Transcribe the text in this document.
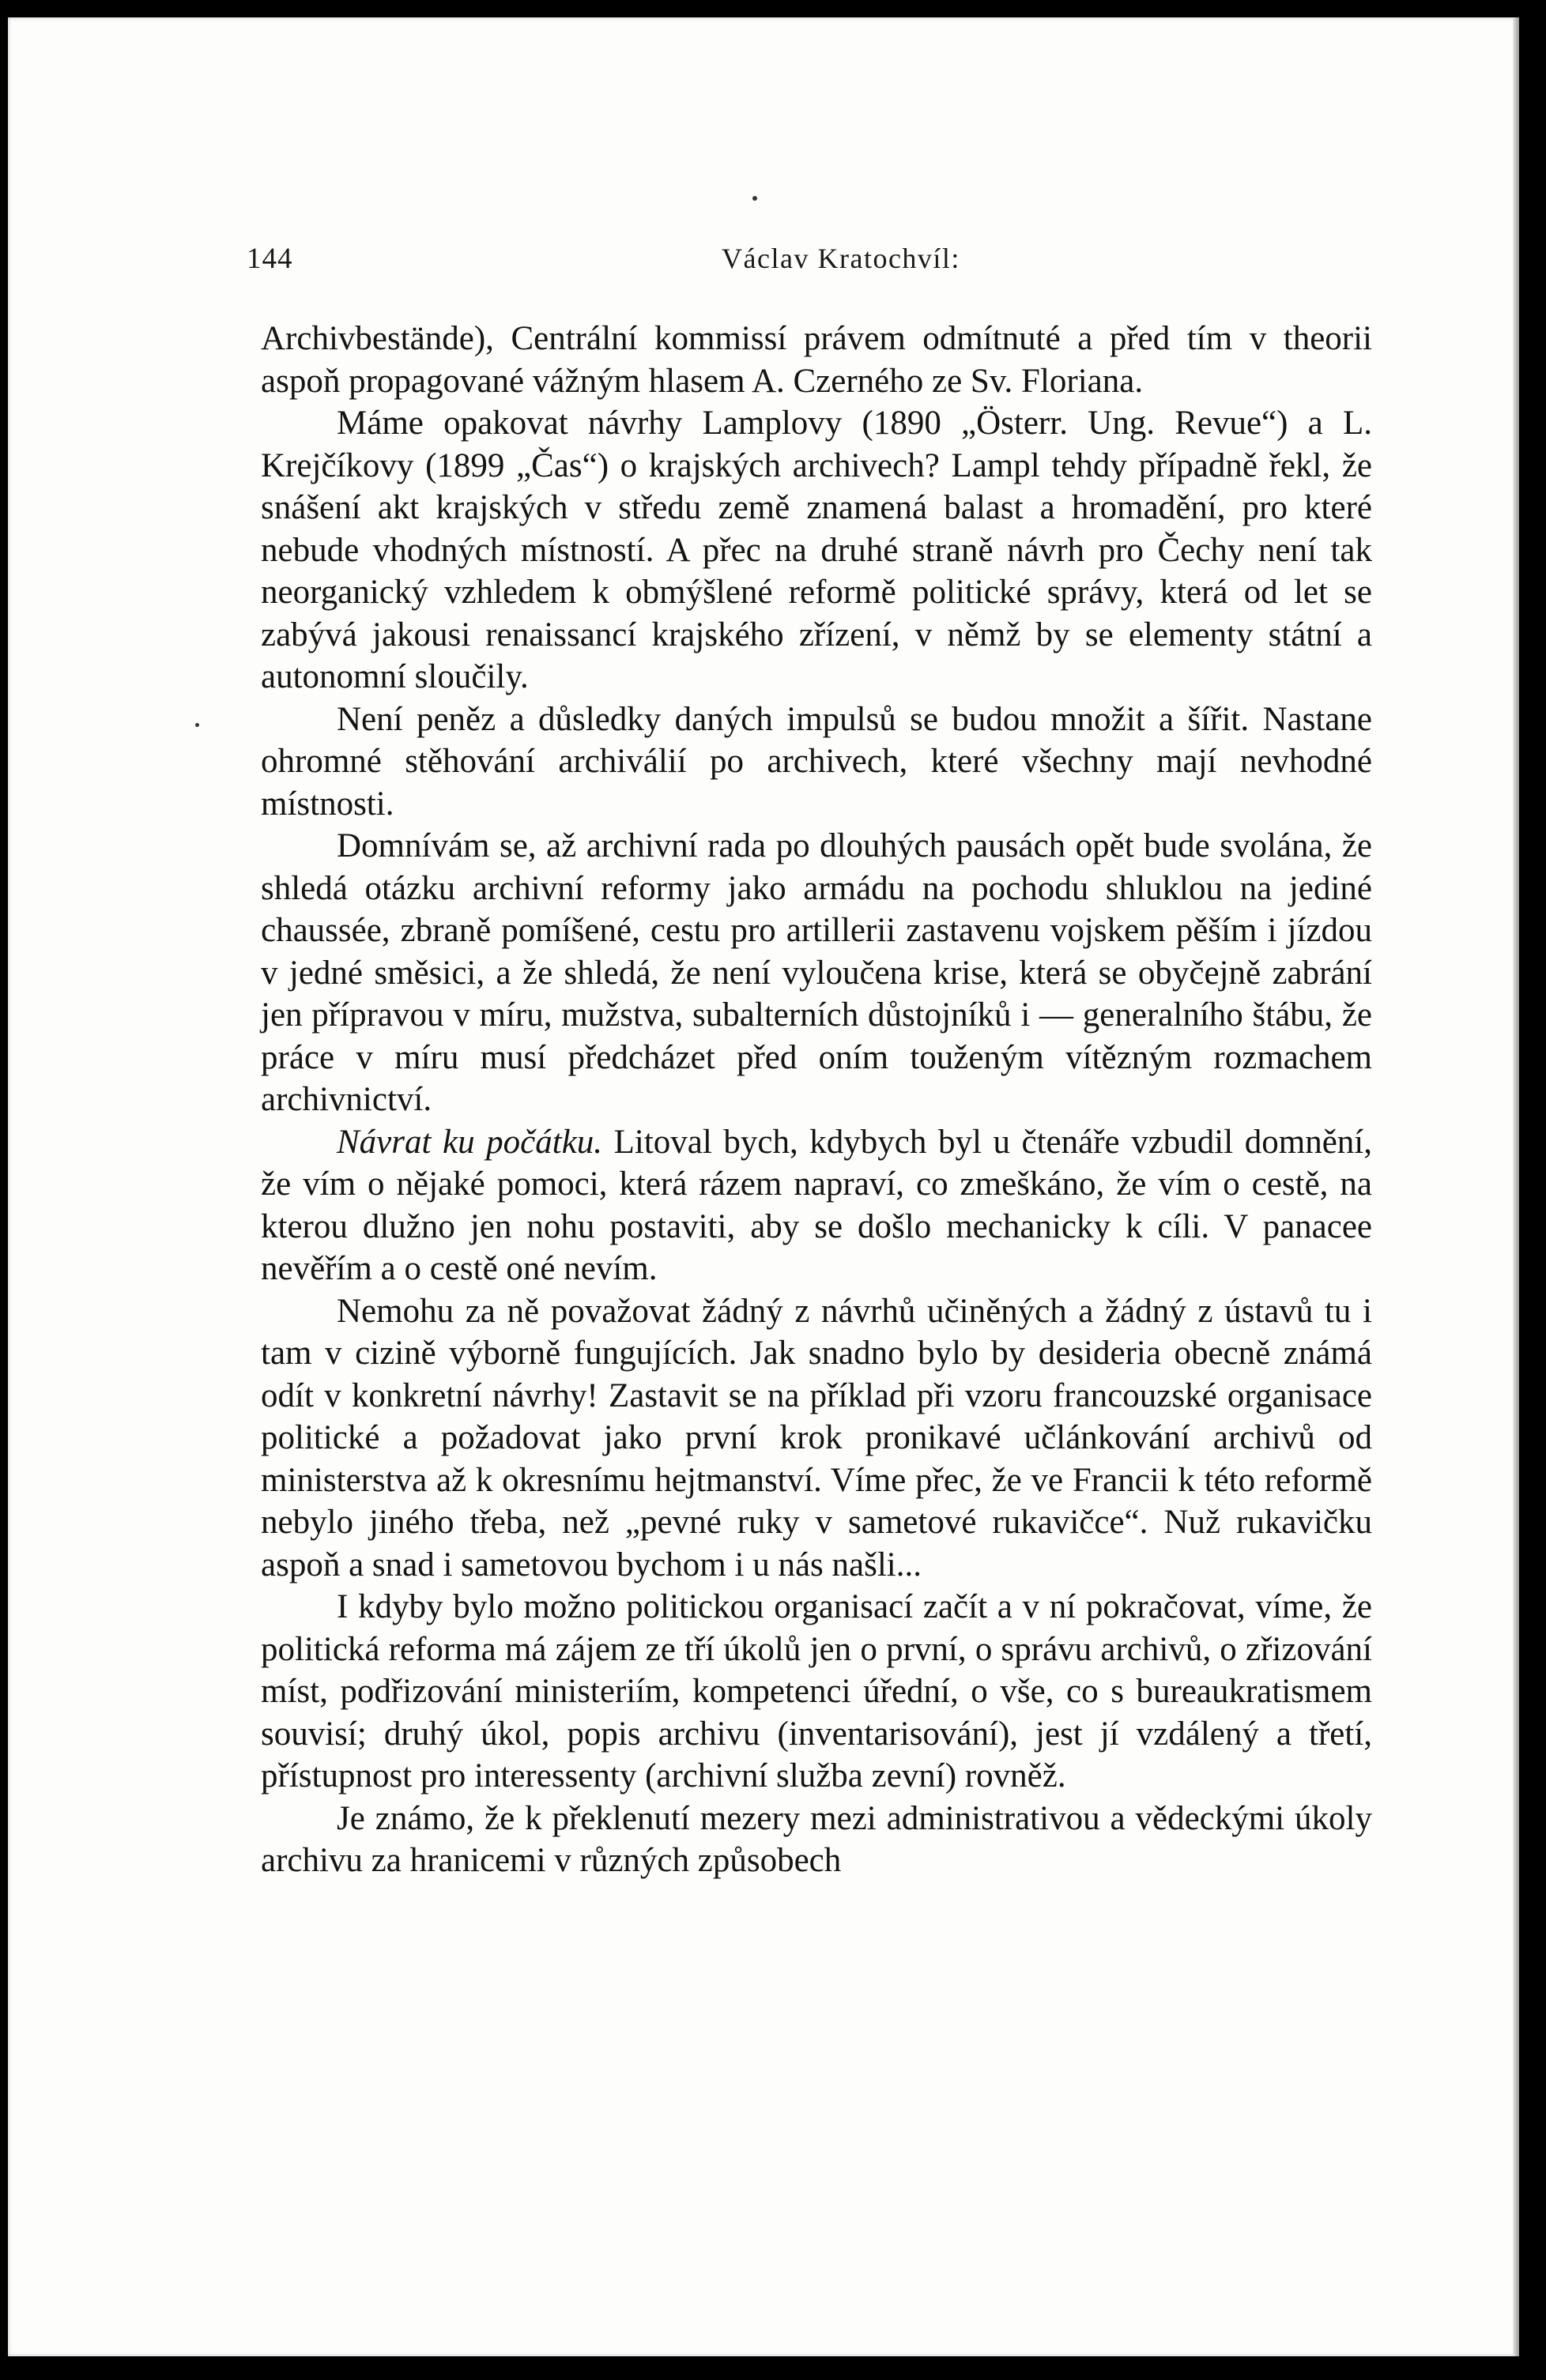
144	Václav Kratochvíl:

Archivbestände), Centrální kommissí právem odmítnuté a před tím v theorii aspoň propagované vážným hlasem A. Czerného ze Sv. Floriana.

Máme opakovat návrhy Lamplovy (1890 „Österr. Ung. Revue“) a L. Krejčíkovy (1899 „Čas“) o krajských archivech? Lampl tehdy případně řekl, že snášení akt krajských v středu země znamená balast a hromadění, pro které nebude vhodných místností. A přec na druhé straně návrh pro Čechy není tak neorganický vzhledem k obmýšlené reformě politické správy, která od let se zabývá jakousi renaissancí krajského zřízení, v němž by se elementy státní a autonomní sloučily.

Není peněz a důsledky daných impulsů se budou množit a šířit. Nastane ohromné stěhování archiválií po archivech, které všechny mají nevhodné místnosti.

Domnívám se, až archivní rada po dlouhých pausách opět bude svolána, že shledá otázku archivní reformy jako armádu na pochodu shluklou na jediné chaussée, zbraně pomíšené, cestu pro artillerii zastavenu vojskem pěším i jízdou v jedné směsici, a že shledá, že není vyloučena krise, která se obyčejně zabrání jen přípravou v míru, mužstva, subalterních důstojníků i — generalního štábu, že práce v míru musí předcházet před oním touženým vítězným rozmachem archivnictví.

Návrat ku počátku. Litoval bych, kdybych byl u čtenáře vzbudil domnění, že vím o nějaké pomoci, která rázem napraví, co zmeškáno, že vím o cestě, na kterou dlužno jen nohu postaviti, aby se došlo mechanicky k cíli. V panacee nevěřím a o cestě oné nevím.

Nemohu za ně považovat žádný z návrhů učiněných a žádný z ústavů tu i tam v cizině výborně fungujících. Jak snadno bylo by desideria obecně známá odít v konkretní návrhy! Zastavit se na příklad při vzoru francouzské organisace politické a požadovat jako první krok pronikavé učlánkování archivů od ministerstva až k okresnímu hejtmanství. Víme přec, že ve Francii k této reformě nebylo jiného třeba, než „pevné ruky v sametové rukavičce“. Nuž rukavičku aspoň a snad i sametovou bychom i u nás našli...

I kdyby bylo možno politickou organisací začít a v ní pokračovat, víme, že politická reforma má zájem ze tří úkolů jen o první, o správu archivů, o zřizování míst, podřizování ministeriím, kompetenci úřední, o vše, co s bureaukratismem souvisí; druhý úkol, popis archivu (inventarisování), jest jí vzdálený a třetí, přístupnost pro interessenty (archivní služba zevní) rovněž.

Je známo, že k překlenutí mezery mezi administrativou a vědeckými úkoly archivu za hranicemi v různých způsobech
